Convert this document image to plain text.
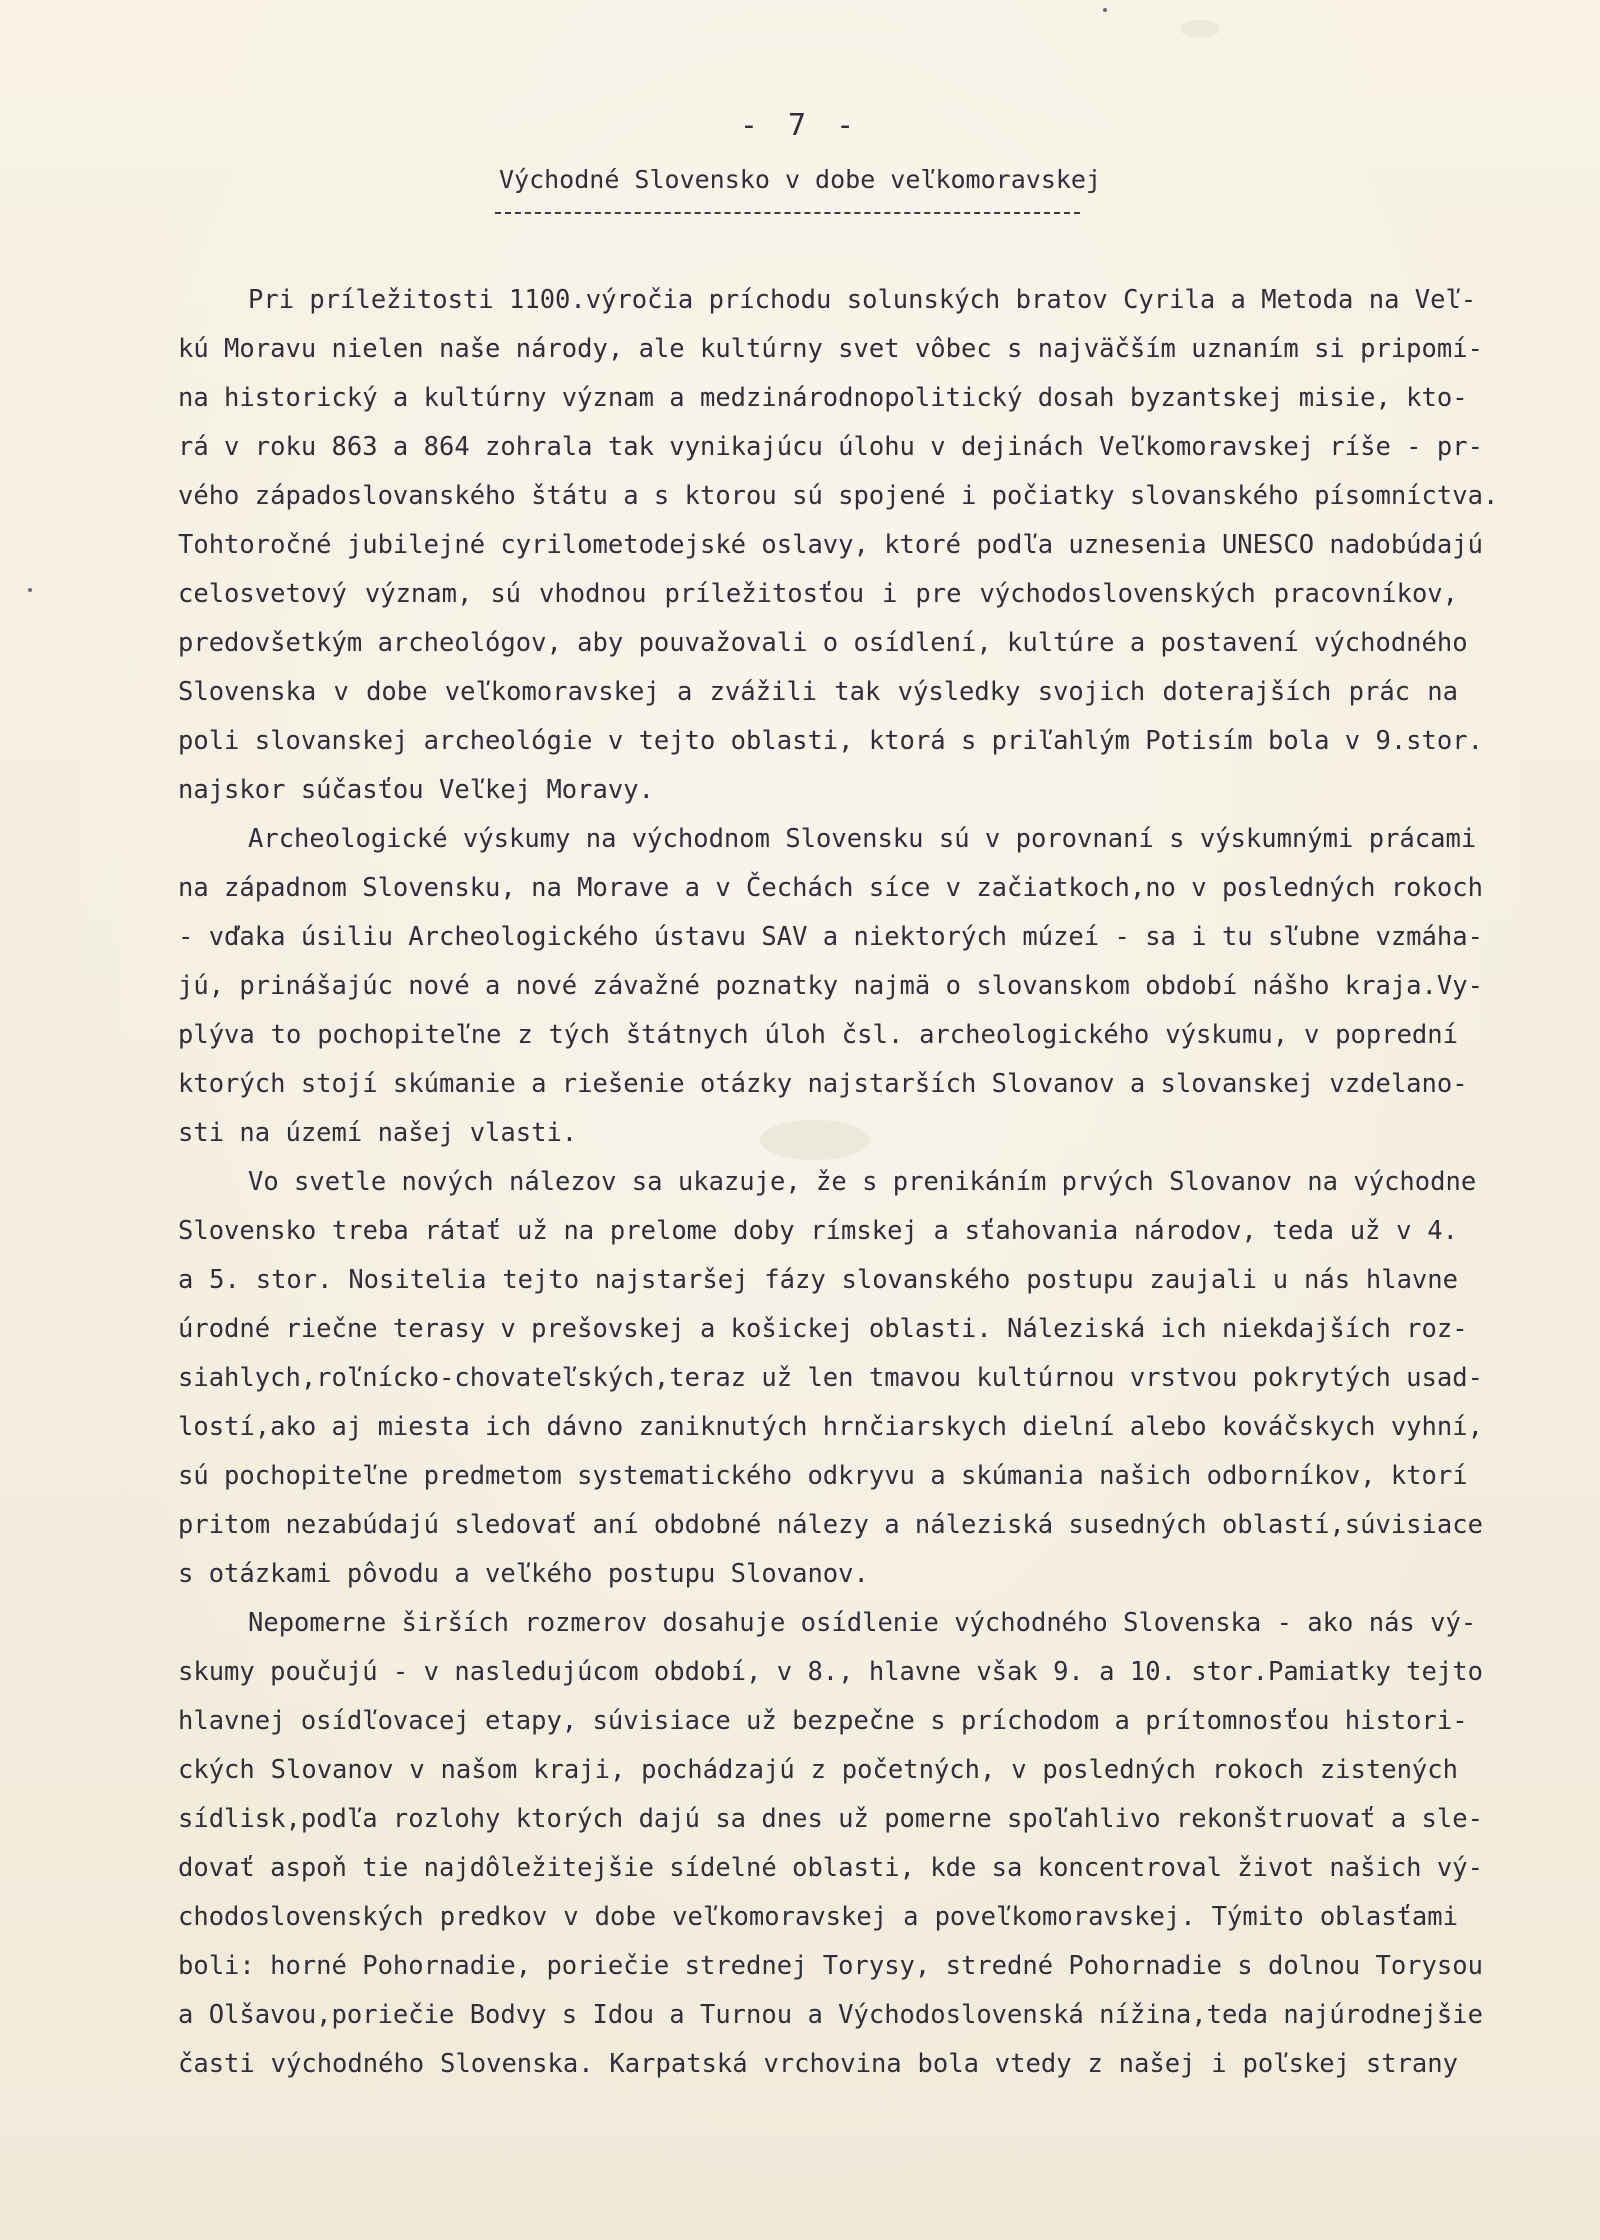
- 7 -
Východné Slovensko v dobe veľkomoravskej
Pri príležitosti 1100.výročia príchodu solunských bratov Cyrila a Metoda na Veľ-
kú Moravu nielen naše národy, ale kultúrny svet vôbec s najväčším uznaním si pripomí-
na historický a kultúrny význam a medzinárodnopolitický dosah byzantskej misie, kto-
rá v roku 863 a 864 zohrala tak vynikajúcu úlohu v dejinách Veľkomoravskej ríše - pr-
vého západoslovanského štátu a s ktorou sú spojené i počiatky slovanského písomníctva.
Tohtoročné jubilejné cyrilometodejské oslavy, ktoré podľa uznesenia UNESCO nadobúdajú
celosvetový význam, sú vhodnou príležitosťou i pre východoslovenských pracovníkov,
predovšetkým archeológov, aby pouvažovali o osídlení, kultúre a postavení východného
Slovenska v dobe veľkomoravskej a zvážili tak výsledky svojich doterajších prác na
poli slovanskej archeológie v tejto oblasti, ktorá s priľahlým Potisím bola v 9.stor.
najskor súčasťou Veľkej Moravy.
Archeologické výskumy na východnom Slovensku sú v porovnaní s výskumnými prácami
na západnom Slovensku, na Morave a v Čechách síce v začiatkoch,no v posledných rokoch
- vďaka úsiliu Archeologického ústavu SAV a niektorých múzeí - sa i tu sľubne vzmáha-
jú, prinášajúc nové a nové závažné poznatky najmä o slovanskom období nášho kraja.Vy-
plýva to pochopiteľne z tých štátnych úloh čsl. archeologického výskumu, v poprední
ktorých stojí skúmanie a riešenie otázky najstarších Slovanov a slovanskej vzdelano-
sti na území našej vlasti.
Vo svetle nových nálezov sa ukazuje, že s prenikáním prvých Slovanov na východne
Slovensko treba rátať už na prelome doby rímskej a sťahovania národov, teda už v 4.
a 5. stor. Nositelia tejto najstaršej fázy slovanského postupu zaujali u nás hlavne
úrodné riečne terasy v prešovskej a košickej oblasti. Náleziská ich niekdajších roz-
siahlych,roľnícko-chovateľských,teraz už len tmavou kultúrnou vrstvou pokrytých usad-
lostí,ako aj miesta ich dávno zaniknutých hrnčiarskych dielní alebo kováčskych vyhní,
sú pochopiteľne predmetom systematického odkryvu a skúmania našich odborníkov, ktorí
pritom nezabúdajú sledovať aní obdobné nálezy a náleziská susedných oblastí,súvisiace
s otázkami pôvodu a veľkého postupu Slovanov.
Nepomerne širších rozmerov dosahuje osídlenie východného Slovenska - ako nás vý-
skumy poučujú - v nasledujúcom období, v 8., hlavne však 9. a 10. stor.Pamiatky tejto
hlavnej osídľovacej etapy, súvisiace už bezpečne s príchodom a prítomnosťou histori-
ckých Slovanov v našom kraji, pochádzajú z početných, v posledných rokoch zistených
sídlisk,podľa rozlohy ktorých dajú sa dnes už pomerne spoľahlivo rekonštruovať a sle-
dovať aspoň tie najdôležitejšie sídelné oblasti, kde sa koncentroval život našich vý-
chodoslovenských predkov v dobe veľkomoravskej a poveľkomoravskej. Týmito oblasťami
boli: horné Pohornadie, poriečie strednej Torysy, stredné Pohornadie s dolnou Torysou
a Olšavou,poriečie Bodvy s Idou a Turnou a Východoslovenská nížina,teda najúrodnejšie
časti východného Slovenska. Karpatská vrchovina bola vtedy z našej i poľskej strany
